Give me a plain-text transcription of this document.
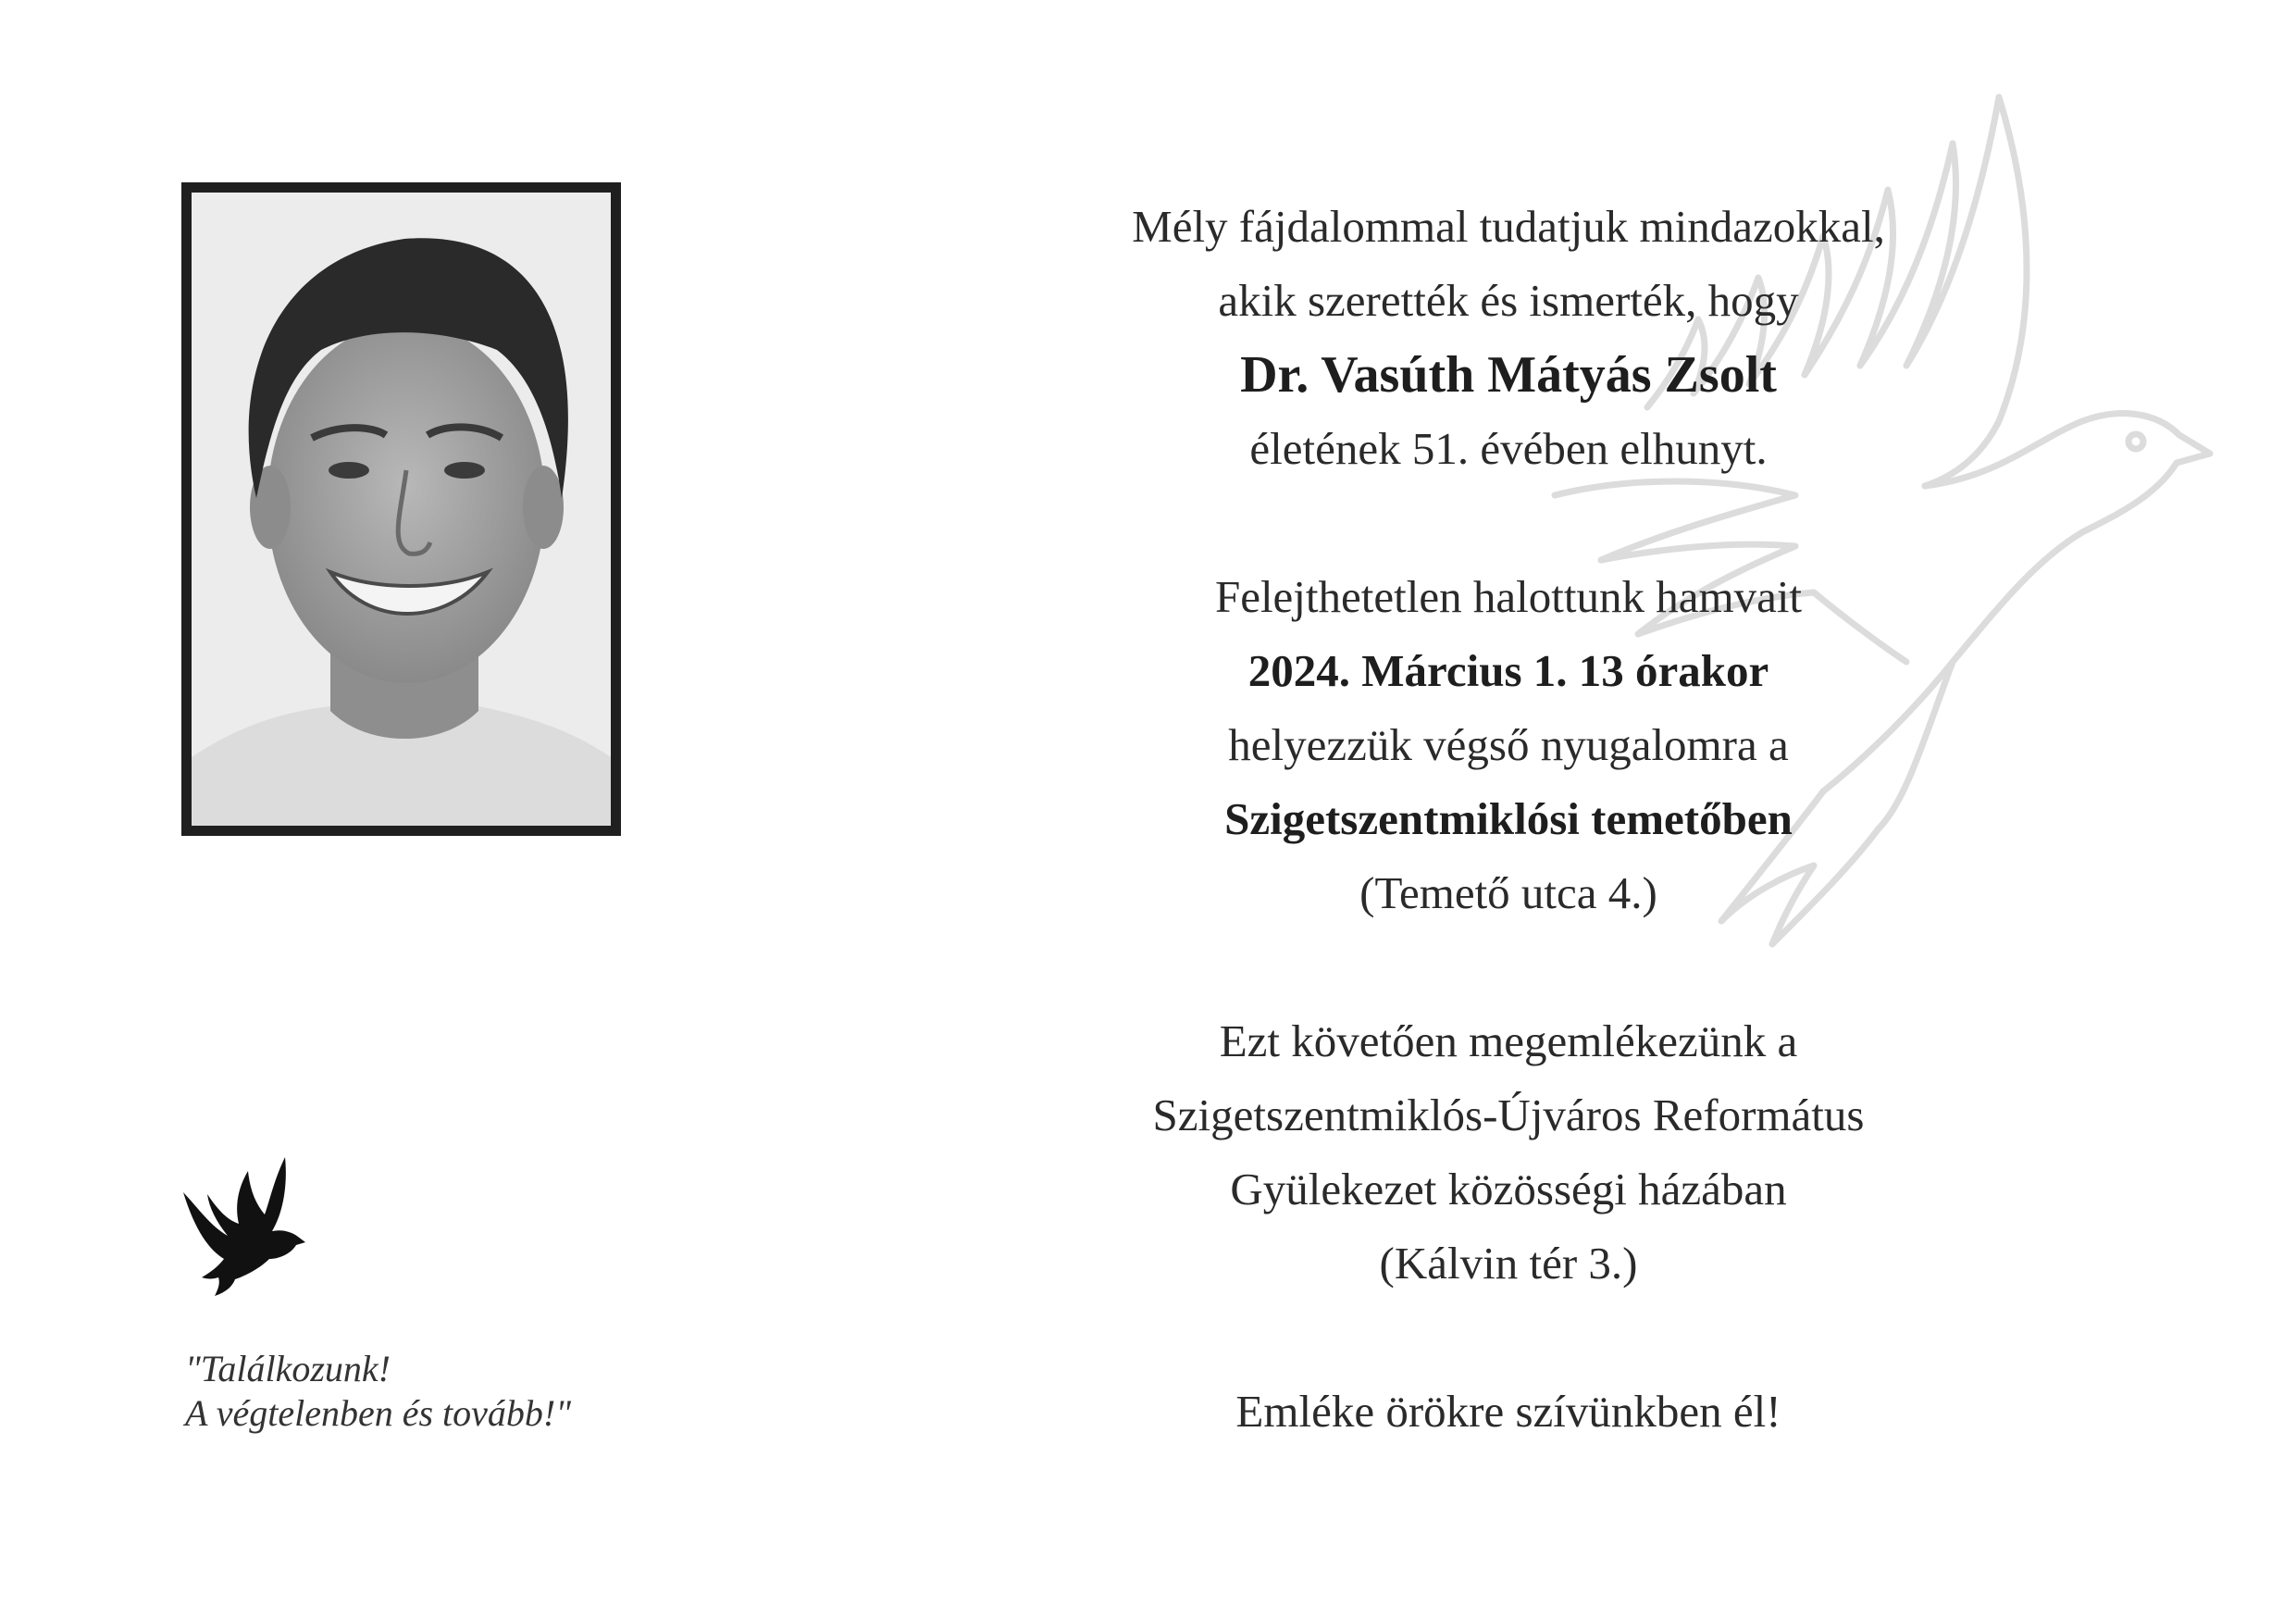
"Találkozunk!
A végtelenben és tovább!"
Mély fájdalommal tudatjuk mindazokkal,
akik szerették és ismerték, hogy
Dr. Vasúth Mátyás Zsolt
életének 51. évében elhunyt.
Felejthetetlen halottunk hamvait
2024. Március 1. 13 órakor
helyezzük végső nyugalomra a
Szigetszentmiklósi temetőben
(Temető utca 4.)
Ezt követően megemlékezünk a
Szigetszentmiklós-Újváros Református
Gyülekezet közösségi házában
(Kálvin tér 3.)
Emléke örökre szívünkben él!
